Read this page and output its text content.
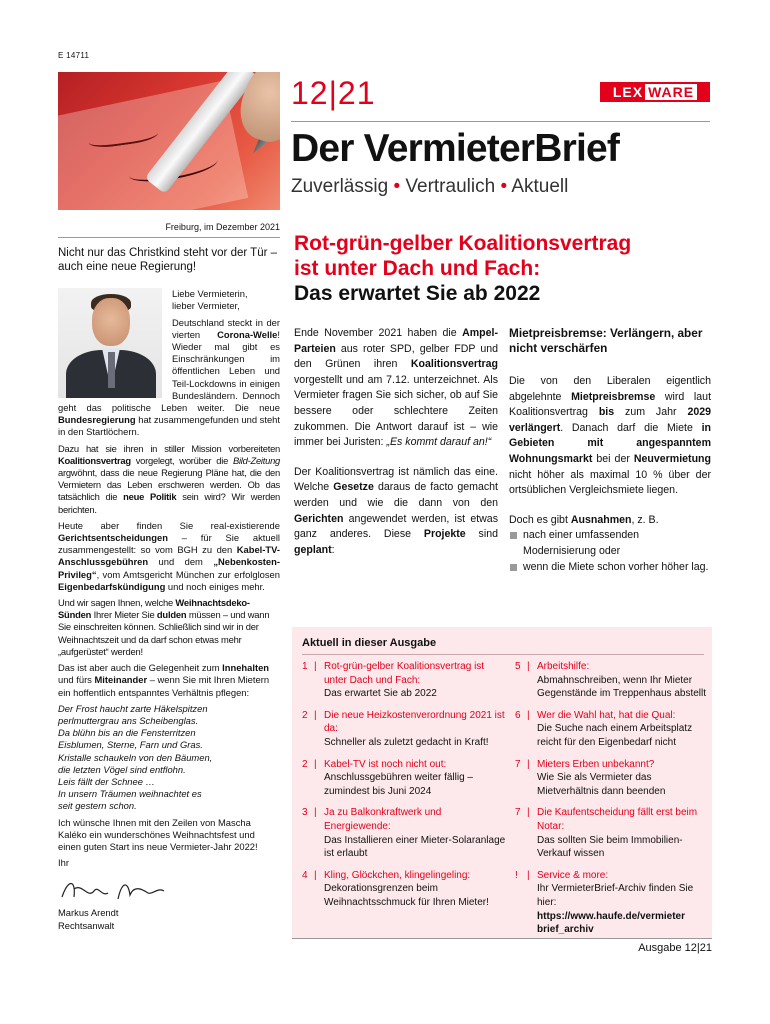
E 14711
12|21	LEX WARE
Der VermieterBrief
Zuverlässig • Vertraulich • Aktuell
Freiburg, im Dezember 2021
Nicht nur das Christkind steht vor der Tür – auch eine neue Regierung!

Liebe Vermieterin,

lieber Vermieter,

Deutschland steckt in der vierten Corona-Welle! Wieder mal gibt es Einschränkungen im öffentlichen Leben und Teil-Lockdowns in einigen Bundesländern. Dennoch geht das politische Leben weiter. Die neue Bundesregierung hat zusammengefunden und steht in den Startlöchern.

Dazu hat sie ihren in stiller Mission vorbereiteten Koalitionsvertrag vorgelegt, worüber die Bild-Zeitung argwöhnt, dass die neue Regierung Pläne hat, die den Vermietern das Leben erschweren werden. Ob das tatsächlich die neue Politik sein wird? Wir werden berichten.

Heute aber finden Sie real-existierende Gerichtsentscheidungen – für Sie aktuell zusammengestellt: so vom BGH zu den Kabel-TV-Anschlussgebühren und dem „Nebenkosten-Privileg“, vom Amtsgericht München zur erfolglosen Eigenbedarfskündigung und noch einiges mehr.

Und wir sagen Ihnen, welche Weihnachtsdeko-Sünden Ihrer Mieter Sie dulden müssen – und wann Sie einschreiten können. Schließlich sind wir in der Weihnachtszeit und da darf schon etwas mehr „aufgerüstet“ werden!

Das ist aber auch die Gelegenheit zum Innehalten und fürs Miteinander – wenn Sie mit Ihren Mietern ein hoffentlich entspanntes Verhältnis pflegen:

Der Frost haucht zarte Häkelspitzen
perlmuttergrau ans Scheibenglas.
Da blühn bis an die Fensterritzen
Eisblumen, Sterne, Farn und Gras.
Kristalle schaukeln von den Bäumen,
die letzten Vögel sind entflohn.
Leis fällt der Schnee …
In unsern Träumen weihnachtet es
seit gestern schon.

Ich wünsche Ihnen mit den Zeilen von Mascha Kaléko ein wunderschönes Weihnachtsfest und einen guten Start ins neue Vermieter-Jahr 2022!

Ihr

Markus Arendt
Rechtsanwalt
Rot-grün-gelber Koalitionsvertrag
ist unter Dach und Fach:
Das erwartet Sie ab 2022

Ende November 2021 haben die Ampel-Parteien aus roter SPD, gelber FDP und den Grünen ihren Koalitionsvertrag vorgestellt und am 7.12. unterzeichnet. Als Vermieter fragen Sie sich sicher, ob auf Sie bessere oder schlechtere Zeiten zukommen. Die Antwort darauf ist – wie immer bei Juristen: „Es kommt darauf an!“

Der Koalitionsvertrag ist nämlich das eine. Welche Gesetze daraus de facto gemacht werden und wie die dann von den Gerichten angewendet werden, ist etwas ganz anderes. Diese Projekte sind geplant:

Mietpreisbremse: Verlängern, aber nicht verschärfen

Die von den Liberalen eigentlich abgelehnte Mietpreisbremse wird laut Koalitionsvertrag bis zum Jahr 2029 verlängert. Danach darf die Miete in Gebieten mit angespanntem Wohnungsmarkt bei der Neuvermietung nicht höher als maximal 10 % über der ortsüblichen Vergleichsmiete liegen.

Doch es gibt Ausnahmen, z. B.

nach einer umfassenden Modernisierung oder
wenn die Miete schon vorher höher lag.
Aktuell in dieser Ausgabe
1 | Rot-grün-gelber Koalitionsvertrag ist unter Dach und Fach:
Das erwartet Sie ab 2022
2 | Die neue Heizkostenverordnung 2021 ist da:
Schneller als zuletzt gedacht in Kraft!
2 | Kabel-TV ist noch nicht out:
Anschlussgebühren weiter fällig – zumindest bis Juni 2024
3 | Ja zu Balkonkraftwerk und Energiewende:
Das Installieren einer Mieter-Solaranlage ist erlaubt
4 | Kling, Glöckchen, klingelingeling:
Dekorationsgrenzen beim Weihnachtsschmuck für Ihren Mieter!
5 | Arbeitshilfe:
Abmahnschreiben, wenn Ihr Mieter Gegenstände im Treppenhaus abstellt
6 | Wer die Wahl hat, hat die Qual:
Die Suche nach einem Arbeitsplatz reicht für den Eigenbedarf nicht
7 | Mieters Erben unbekannt?
Wie Sie als Vermieter das Mietverhältnis dann beenden
7 | Die Kaufentscheidung fällt erst beim Notar:
Das sollten Sie beim Immobilien-Verkauf wissen
! | Service & more:
Ihr VermieterBrief-Archiv finden Sie hier:
https://www.haufe.de/vermieterbrief_archiv
Ausgabe 12|21
